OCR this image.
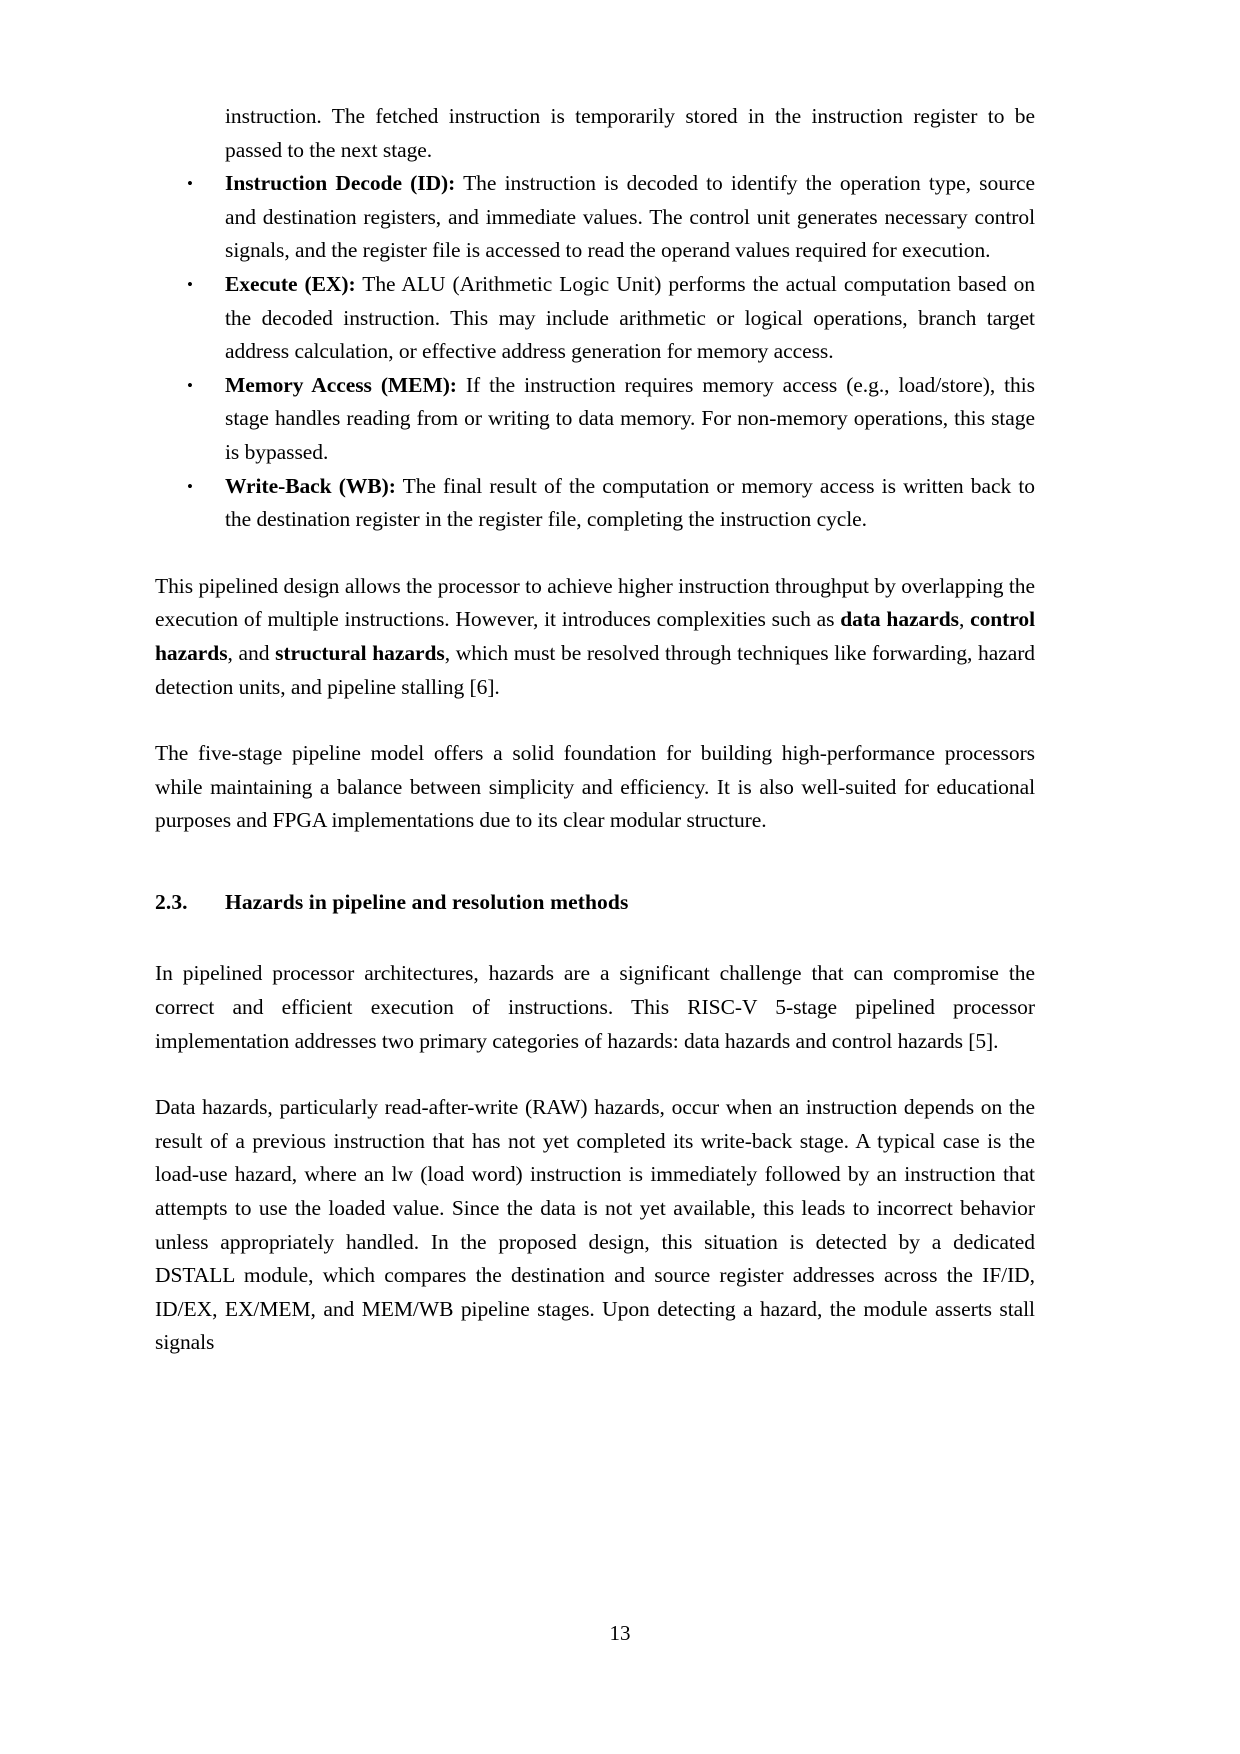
instruction. The fetched instruction is temporarily stored in the instruction register to be passed to the next stage.

• Instruction Decode (ID): The instruction is decoded to identify the operation type, source and destination registers, and immediate values. The control unit generates necessary control signals, and the register file is accessed to read the operand values required for execution.
• Execute (EX): The ALU (Arithmetic Logic Unit) performs the actual computation based on the decoded instruction. This may include arithmetic or logical operations, branch target address calculation, or effective address generation for memory access.
• Memory Access (MEM): If the instruction requires memory access (e.g., load/store), this stage handles reading from or writing to data memory. For non-memory operations, this stage is bypassed.
• Write-Back (WB): The final result of the computation or memory access is written back to the destination register in the register file, completing the instruction cycle.

This pipelined design allows the processor to achieve higher instruction throughput by overlapping the execution of multiple instructions. However, it introduces complexities such as data hazards, control hazards, and structural hazards, which must be resolved through techniques like forwarding, hazard detection units, and pipeline stalling [6].

The five-stage pipeline model offers a solid foundation for building high-performance processors while maintaining a balance between simplicity and efficiency. It is also well-suited for educational purposes and FPGA implementations due to its clear modular structure.

2.3. Hazards in pipeline and resolution methods

In pipelined processor architectures, hazards are a significant challenge that can compromise the correct and efficient execution of instructions. This RISC-V 5-stage pipelined processor implementation addresses two primary categories of hazards: data hazards and control hazards [5].

Data hazards, particularly read-after-write (RAW) hazards, occur when an instruction depends on the result of a previous instruction that has not yet completed its write-back stage. A typical case is the load-use hazard, where an lw (load word) instruction is immediately followed by an instruction that attempts to use the loaded value. Since the data is not yet available, this leads to incorrect behavior unless appropriately handled. In the proposed design, this situation is detected by a dedicated DSTALL module, which compares the destination and source register addresses across the IF/ID, ID/EX, EX/MEM, and MEM/WB pipeline stages. Upon detecting a hazard, the module asserts stall signals

13
